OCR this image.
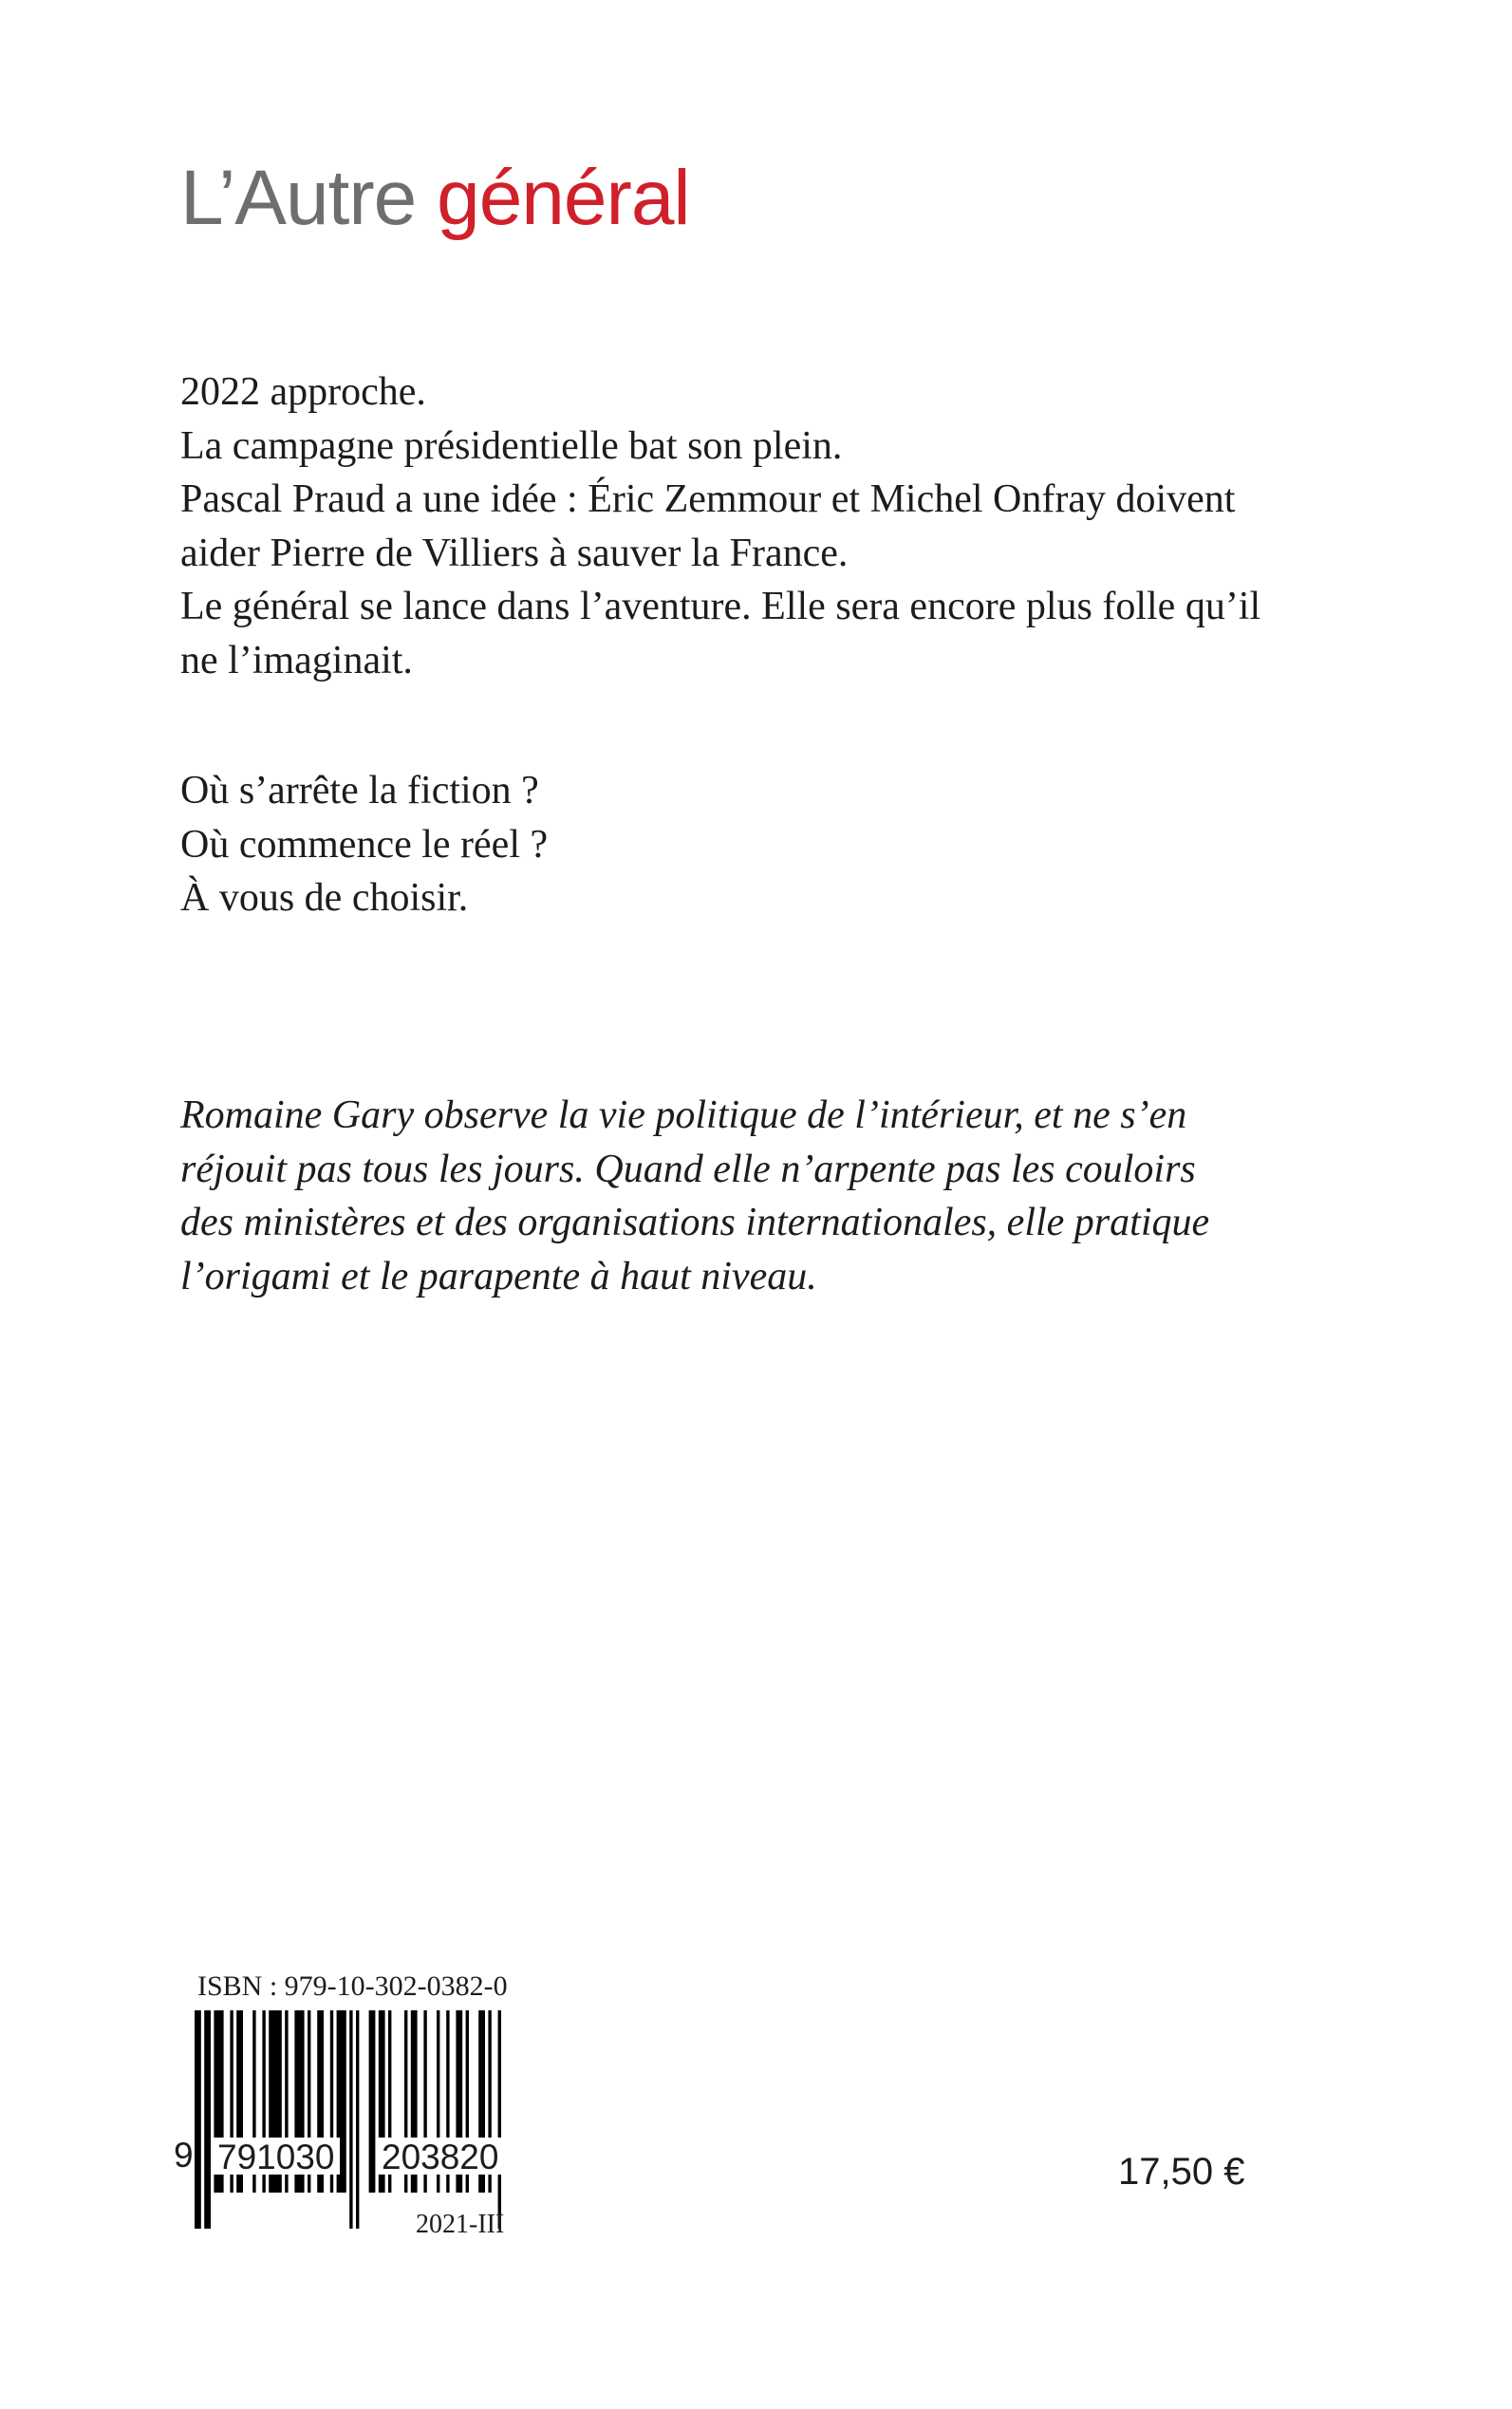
L’Autre général

2022 approche.

La campagne présidentielle bat son plein.

Pascal Praud a une idée : Éric Zemmour et Michel Onfray doivent

aider Pierre de Villiers à sauver la France.

Le général se lance dans l’aventure. Elle sera encore plus folle qu’il

ne l’imaginait.

Où s’arrête la fiction ?

Où commence le réel ?

À vous de choisir.

Romaine Gary observe la vie politique de l’intérieur, et ne s’en

réjouit pas tous les jours. Quand elle n’arpente pas les couloirs

des ministères et des organisations internationales, elle pratique

l’origami et le parapente à haut niveau.

ISBN : 979-10-302-0382-0
9 791030 203820
2021-III
17,50 €
